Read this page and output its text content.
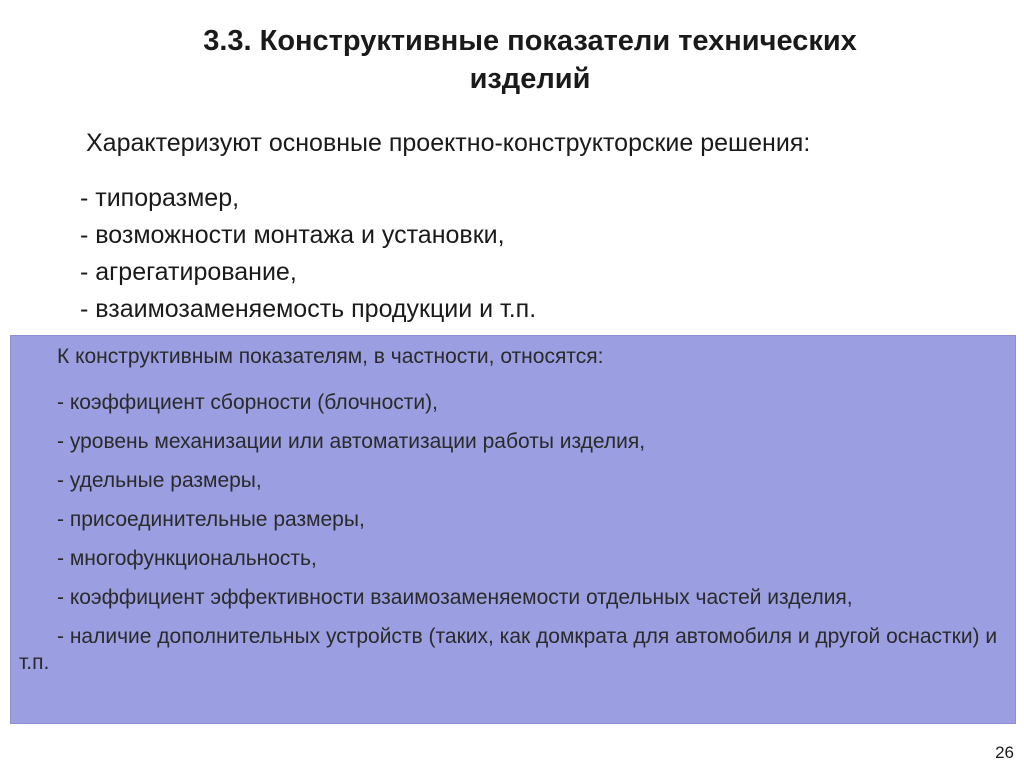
3.3. Конструктивные показатели технических
изделий
Характеризуют основные проектно-конструкторские решения:
- типоразмер,
- возможности монтажа и установки,
- агрегатирование,
- взаимозаменяемость продукции и т.п.
К конструктивным показателям, в частности, относятся:
- коэффициент сборности (блочности),
- уровень механизации или автоматизации работы изделия,
- удельные размеры,
- присоединительные размеры,
- многофункциональность,
- коэффициент эффективности взаимозаменяемости отдельных частей изделия,
- наличие дополнительных устройств (таких, как домкрата для автомобиля и другой оснастки) и т.п.
26
